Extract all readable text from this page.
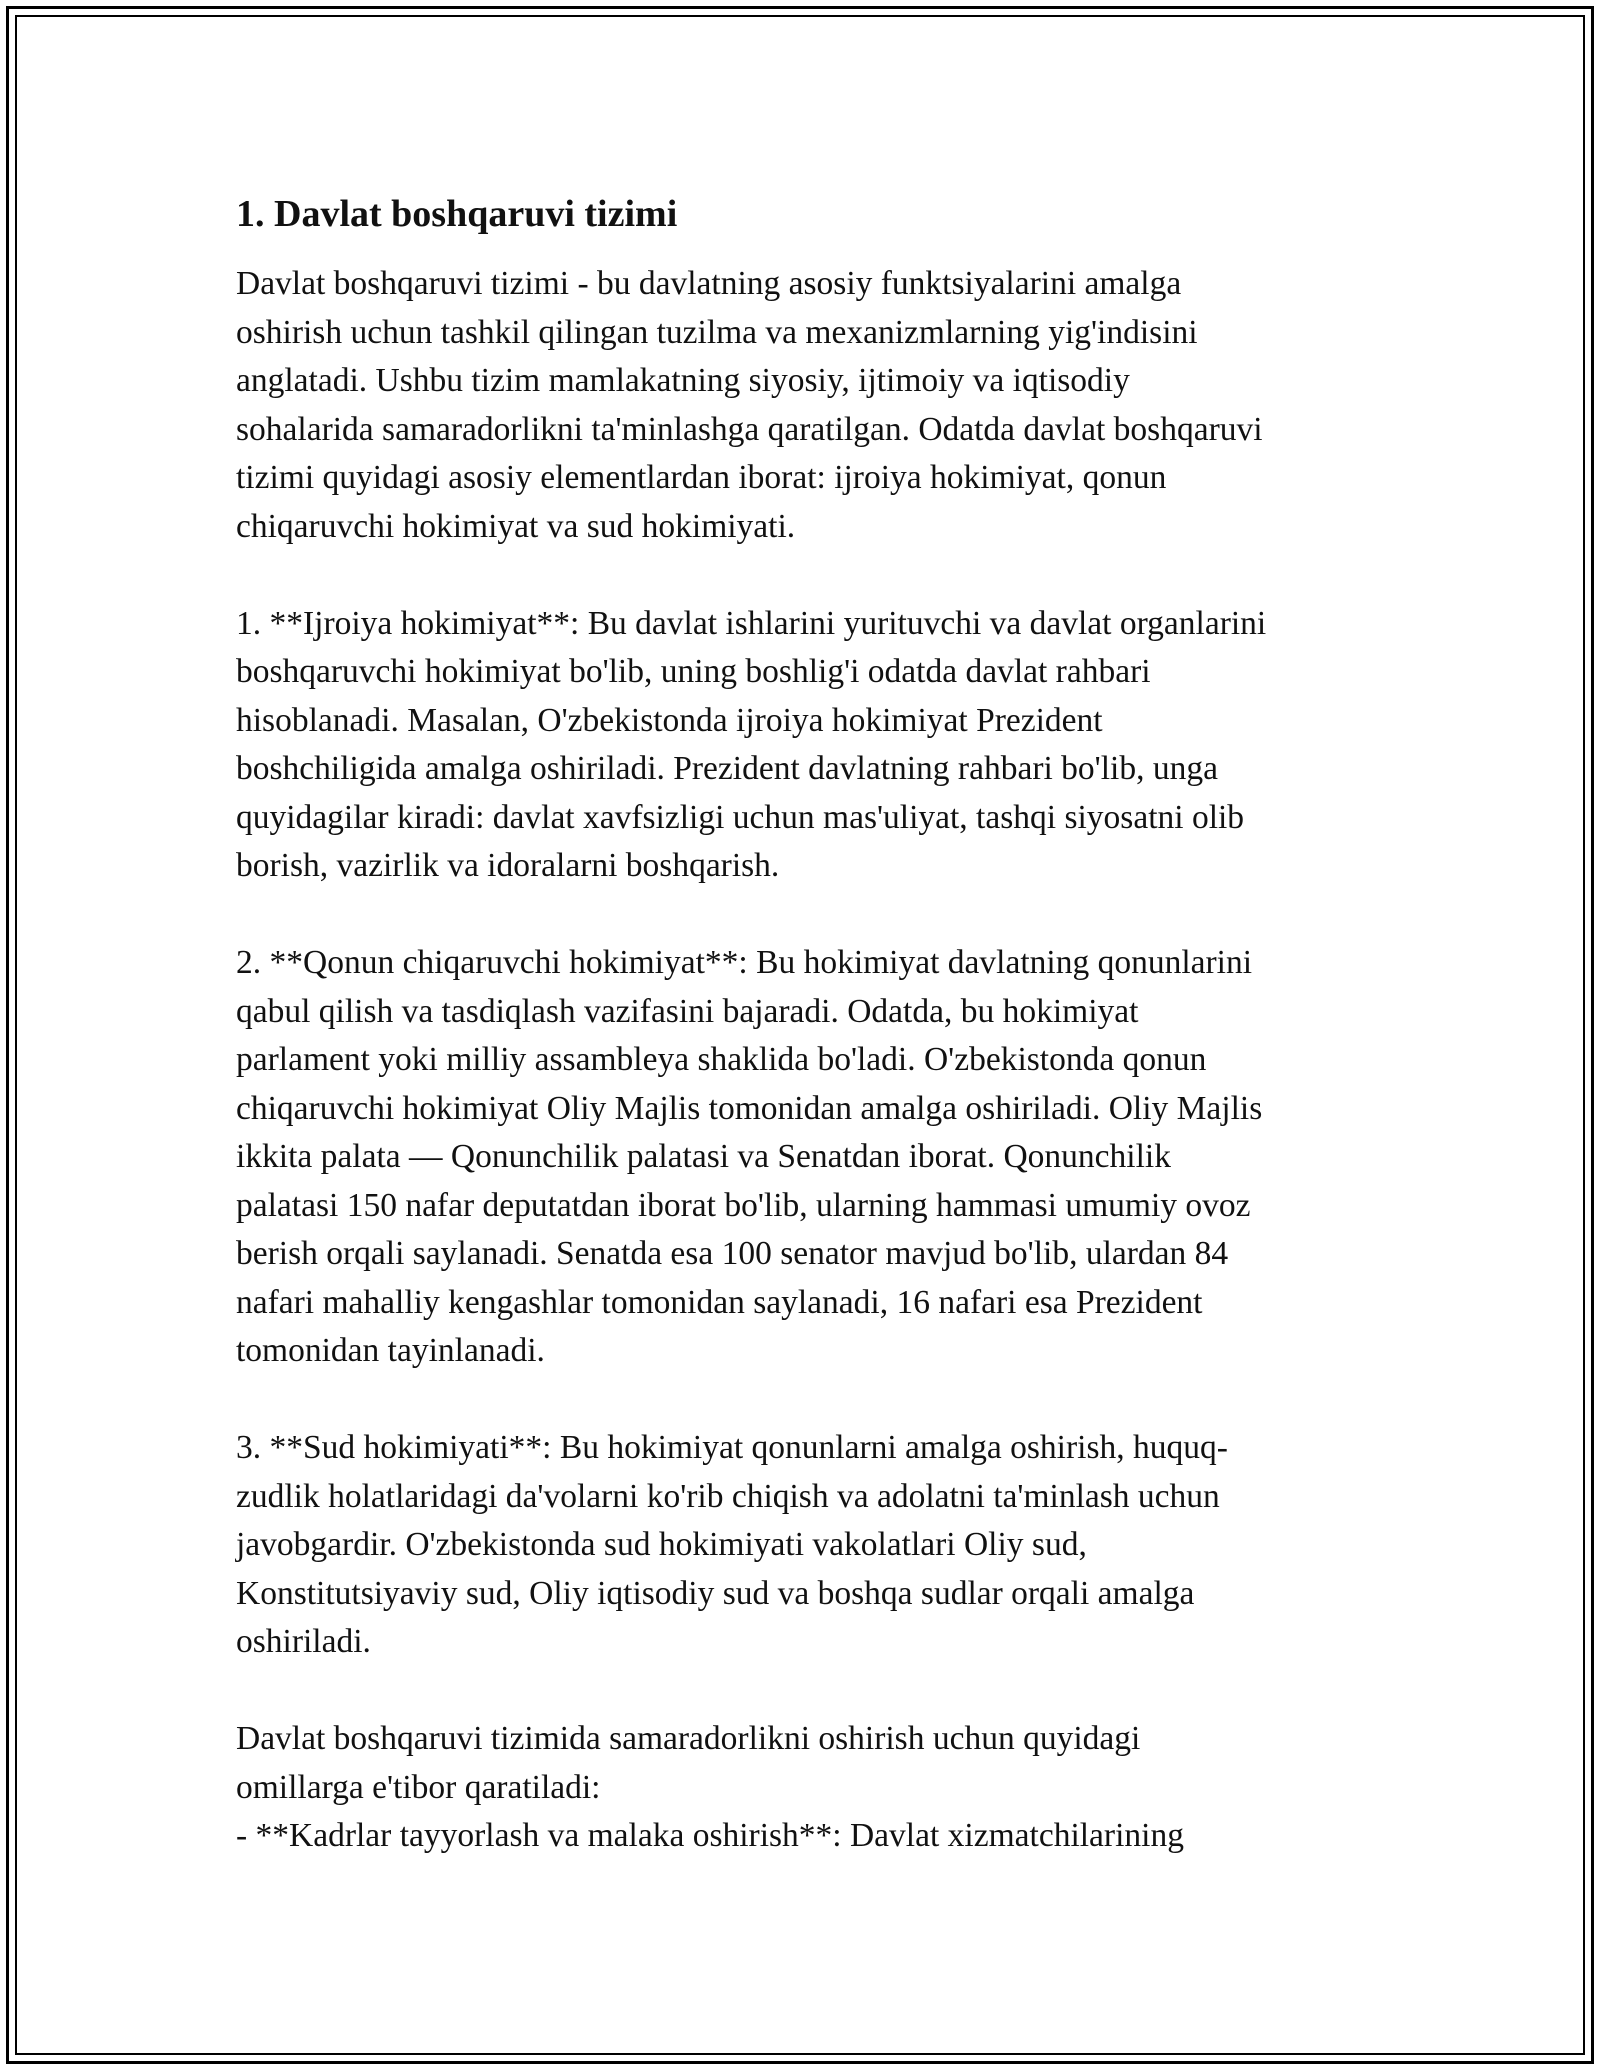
1. Davlat boshqaruvi tizimi
Davlat boshqaruvi tizimi - bu davlatning asosiy funktsiyalarini amalga
oshirish uchun tashkil qilingan tuzilma va mexanizmlarning yig'indisini
anglatadi. Ushbu tizim mamlakatning siyosiy, ijtimoiy va iqtisodiy
sohalarida samaradorlikni ta'minlashga qaratilgan. Odatda davlat boshqaruvi
tizimi quyidagi asosiy elementlardan iborat: ijroiya hokimiyat, qonun
chiqaruvchi hokimiyat va sud hokimiyati.
1. **Ijroiya hokimiyat**: Bu davlat ishlarini yurituvchi va davlat organlarini
boshqaruvchi hokimiyat bo'lib, uning boshlig'i odatda davlat rahbari
hisoblanadi. Masalan, O'zbekistonda ijroiya hokimiyat Prezident
boshchiligida amalga oshiriladi. Prezident davlatning rahbari bo'lib, unga
quyidagilar kiradi: davlat xavfsizligi uchun mas'uliyat, tashqi siyosatni olib
borish, vazirlik va idoralarni boshqarish.
2. **Qonun chiqaruvchi hokimiyat**: Bu hokimiyat davlatning qonunlarini
qabul qilish va tasdiqlash vazifasini bajaradi. Odatda, bu hokimiyat
parlament yoki milliy assambleya shaklida bo'ladi. O'zbekistonda qonun
chiqaruvchi hokimiyat Oliy Majlis tomonidan amalga oshiriladi. Oliy Majlis
ikkita palata — Qonunchilik palatasi va Senatdan iborat. Qonunchilik
palatasi 150 nafar deputatdan iborat bo'lib, ularning hammasi umumiy ovoz
berish orqali saylanadi. Senatda esa 100 senator mavjud bo'lib, ulardan 84
nafari mahalliy kengashlar tomonidan saylanadi, 16 nafari esa Prezident
tomonidan tayinlanadi.
3. **Sud hokimiyati**: Bu hokimiyat qonunlarni amalga oshirish, huquq-
zudlik holatlaridagi da'volarni ko'rib chiqish va adolatni ta'minlash uchun
javobgardir. O'zbekistonda sud hokimiyati vakolatlari Oliy sud,
Konstitutsiyaviy sud, Oliy iqtisodiy sud va boshqa sudlar orqali amalga
oshiriladi.
Davlat boshqaruvi tizimida samaradorlikni oshirish uchun quyidagi
omillarga e'tibor qaratiladi:
- **Kadrlar tayyorlash va malaka oshirish**: Davlat xizmatchilarining
